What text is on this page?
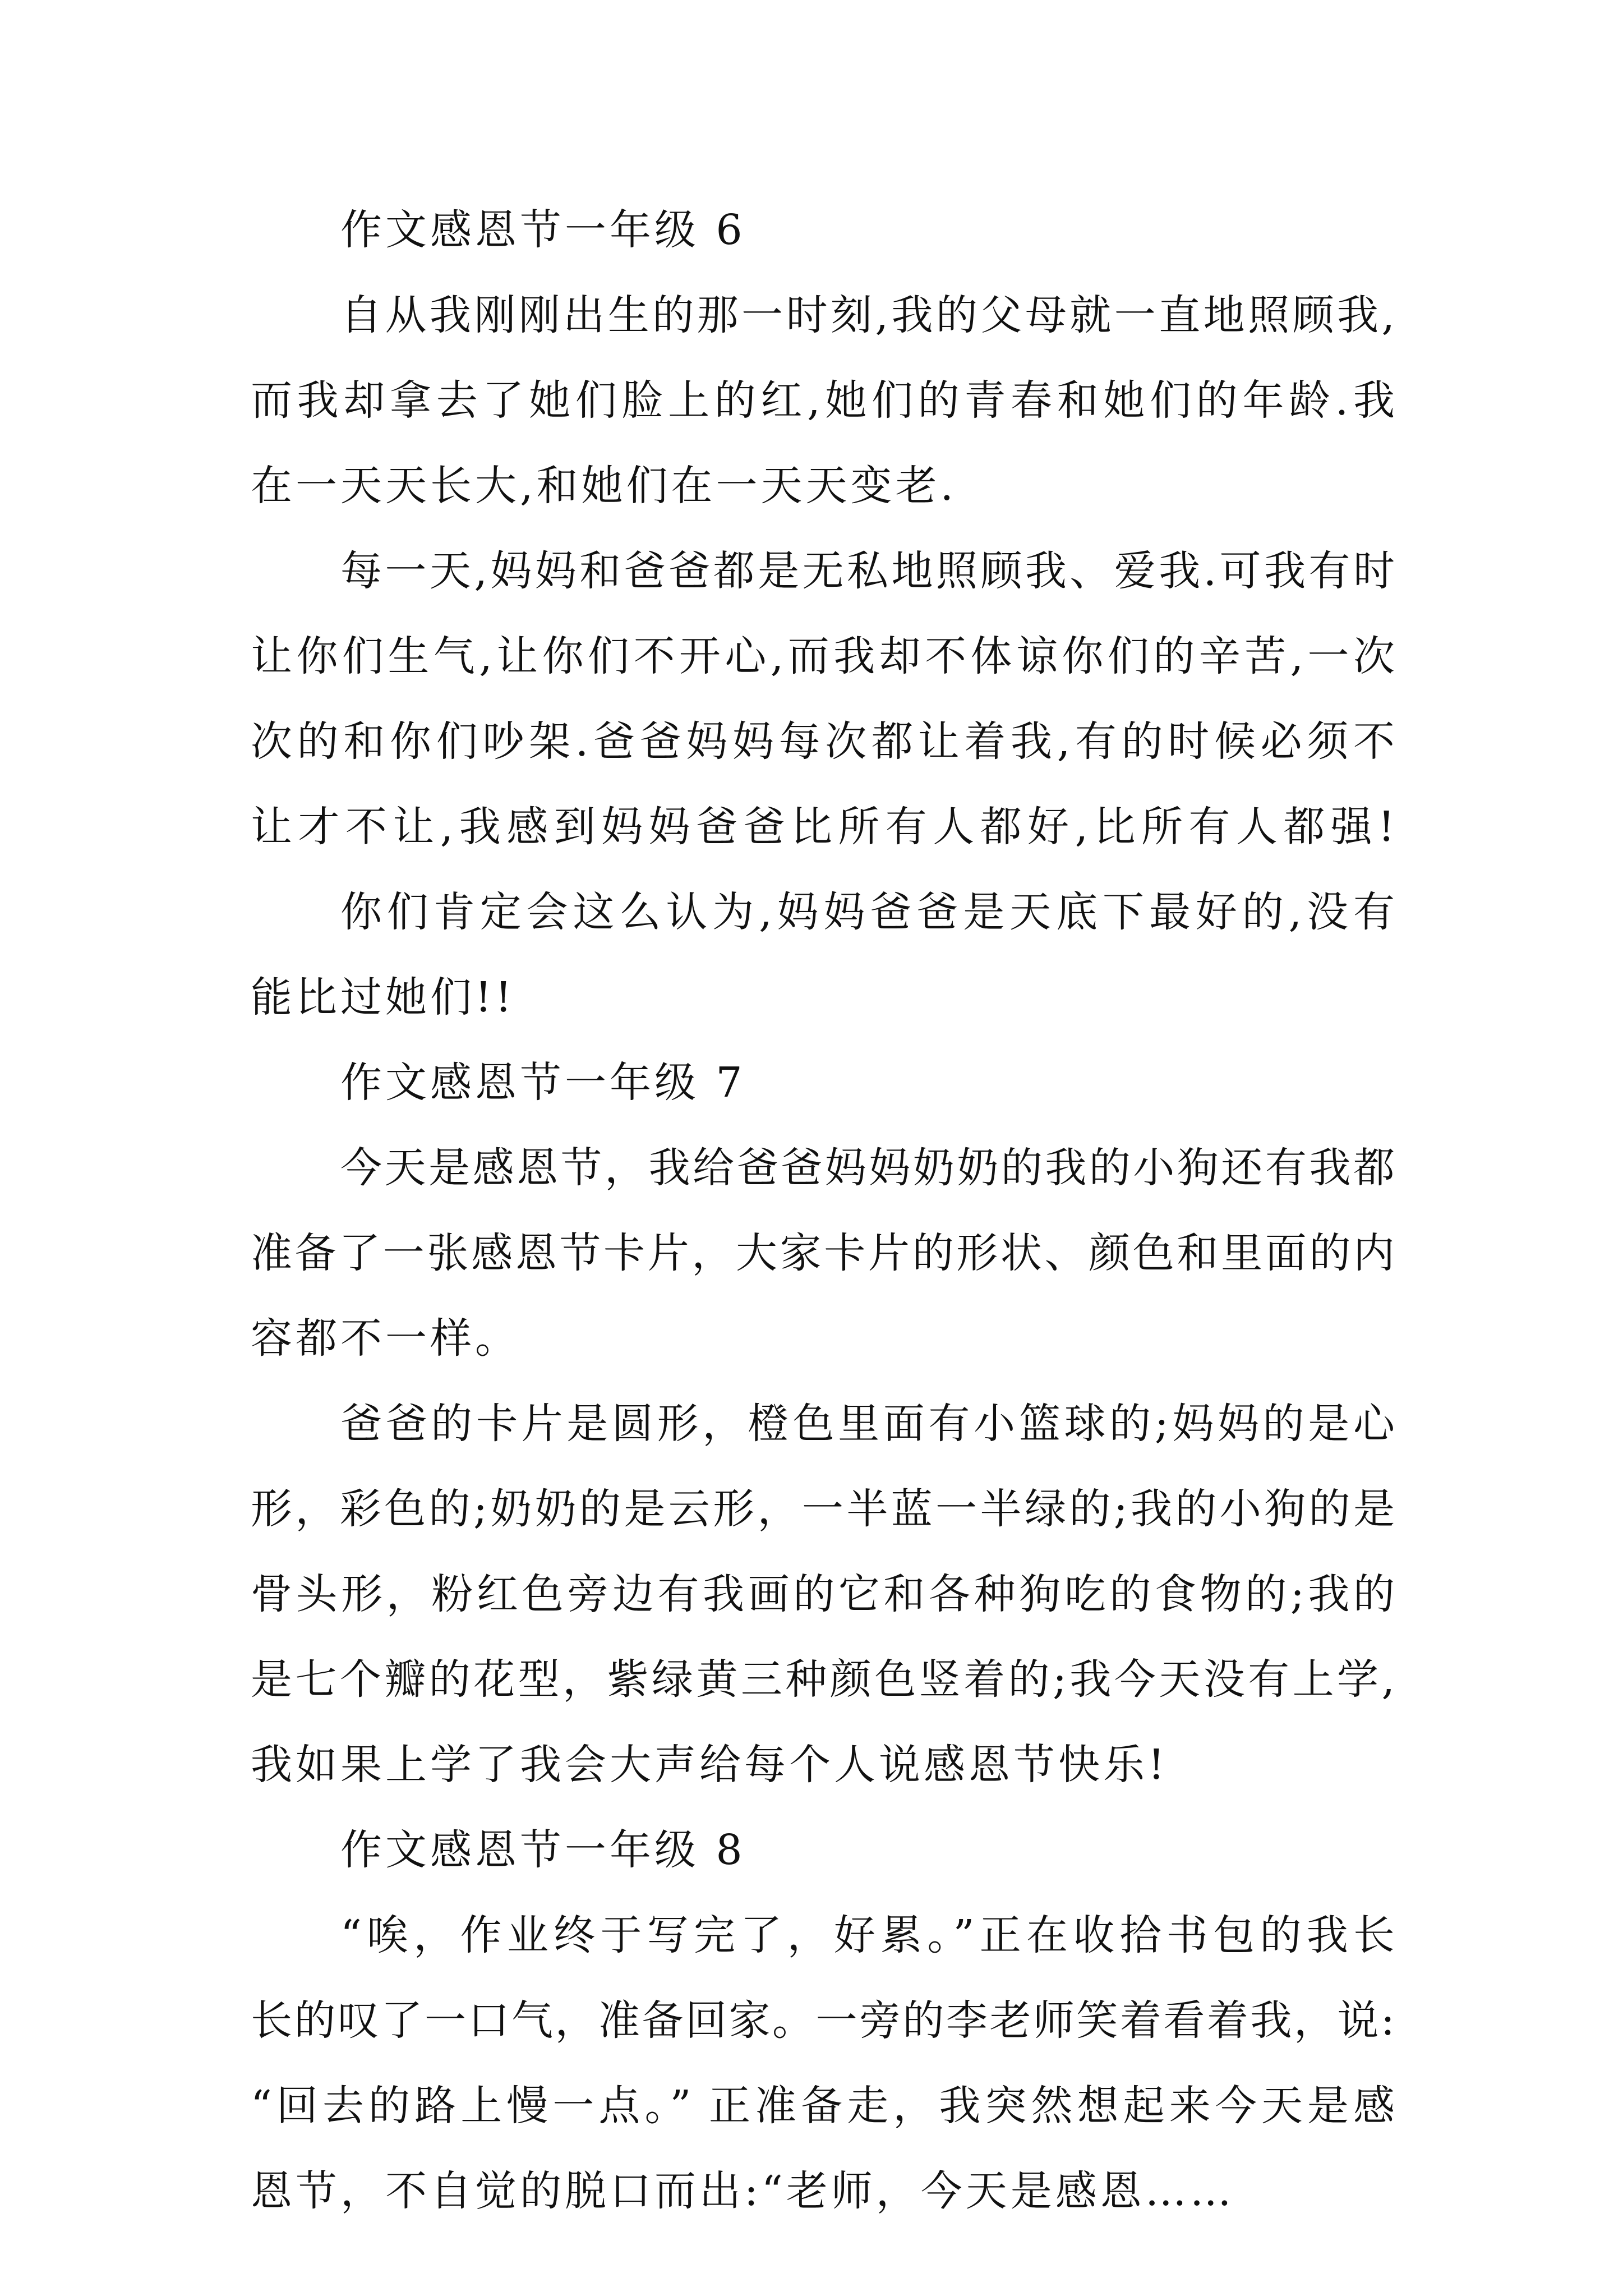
作文感恩节一年级 6
自从我刚刚出生的那一时刻,我的父母就一直地照顾我,
而我却拿去了她们脸上的红,她们的青春和她们的年龄.我
在一天天长大,和她们在一天天变老.
每一天,妈妈和爸爸都是无私地照顾我、爱我.可我有时
让你们生气,让你们不开心,而我却不体谅你们的辛苦,一次
次的和你们吵架.爸爸妈妈每次都让着我,有的时候必须不
让才不让,我感到妈妈爸爸比所有人都好,比所有人都强!
你们肯定会这么认为,妈妈爸爸是天底下最好的,没有
能比过她们!!
作文感恩节一年级 7
今天是感恩节，我给爸爸妈妈奶奶的我的小狗还有我都
准备了一张感恩节卡片，大家卡片的形状、颜色和里面的内
容都不一样。
爸爸的卡片是圆形，橙色里面有小篮球的;妈妈的是心
形，彩色的;奶奶的是云形，一半蓝一半绿的;我的小狗的是
骨头形，粉红色旁边有我画的它和各种狗吃的食物的;我的
是七个瓣的花型，紫绿黄三种颜色竖着的;我今天没有上学,
我如果上学了我会大声给每个人说感恩节快乐!
作文感恩节一年级 8
“唉，作业终于写完了，好累。”正在收拾书包的我长
长的叹了一口气，准备回家。一旁的李老师笑着看着我，说:
“回去的路上慢一点。” 正准备走，我突然想起来今天是感
恩节，不自觉的脱口而出:“老师，今天是感恩……
